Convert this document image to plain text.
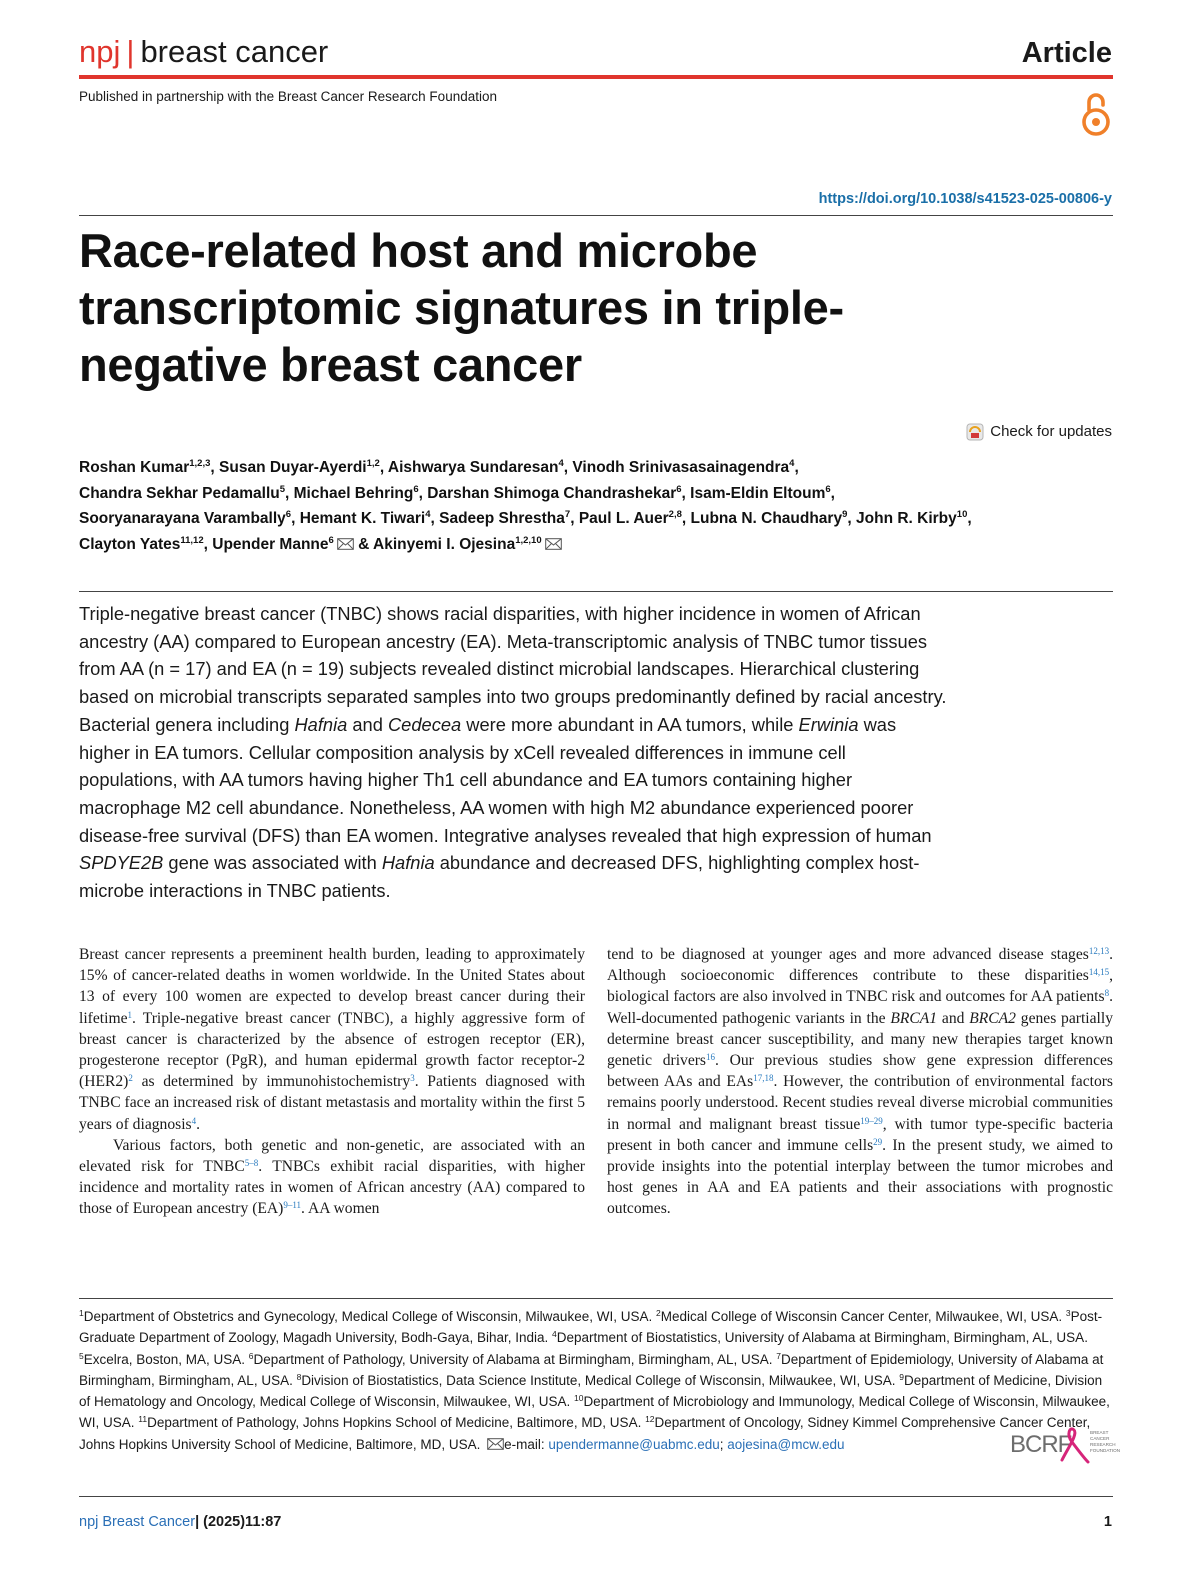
npj | breast cancer	Article
Published in partnership with the Breast Cancer Research Foundation
https://doi.org/10.1038/s41523-025-00806-y
Race-related host and microbe transcriptomic signatures in triple-negative breast cancer
Check for updates
Roshan Kumar$^{1,2,3}$, Susan Duyar-Ayerdi$^{1,2}$, Aishwarya Sundaresan$^4$, Vinodh Srinivasasainagendra$^4$, Chandra Sekhar Pedamallu$^5$, Michael Behring$^6$, Darshan Shimoga Chandrashekar$^6$, Isam-Eldin Eltoum$^6$, Sooryanarayana Varambally$^6$, Hemant K. Tiwari$^4$, Sadeep Shrestha$^7$, Paul L. Auer$^{2,8}$, Lubna N. Chaudhary$^9$, John R. Kirby$^{10}$, Clayton Yates$^{11,12}$, Upender Manne$^6$ & Akinyemi I. Ojesina$^{1,2,10}$
Triple-negative breast cancer (TNBC) shows racial disparities, with higher incidence in women of African ancestry (AA) compared to European ancestry (EA). Meta-transcriptomic analysis of TNBC tumor tissues from AA (n = 17) and EA (n = 19) subjects revealed distinct microbial landscapes. Hierarchical clustering based on microbial transcripts separated samples into two groups predominantly defined by racial ancestry. Bacterial genera including Hafnia and Cedecea were more abundant in AA tumors, while Erwinia was higher in EA tumors. Cellular composition analysis by xCell revealed differences in immune cell populations, with AA tumors having higher Th1 cell abundance and EA tumors containing higher macrophage M2 cell abundance. Nonetheless, AA women with high M2 abundance experienced poorer disease-free survival (DFS) than EA women. Integrative analyses revealed that high expression of human SPDYE2B gene was associated with Hafnia abundance and decreased DFS, highlighting complex host-microbe interactions in TNBC patients.

Breast cancer represents a preeminent health burden, leading to approximately 15% of cancer-related deaths in women worldwide. In the United States about 13 of every 100 women are expected to develop breast cancer during their lifetime$^1$. Triple-negative breast cancer (TNBC), a highly aggressive form of breast cancer is characterized by the absence of estrogen receptor (ER), progesterone receptor (PgR), and human epidermal growth factor receptor-2 $(HER2)^2$ as determined by immunohistochemistry$^3$. Patients diagnosed with TNBC face an increased risk of distant metastasis and mortality within the first 5 years of diagnosis$^4$.

Various factors, both genetic and non-genetic, are associated with an elevated risk for TNBC$^{5-8}$. TNBCs exhibit racial disparities, with higher incidence and mortality rates in women of African ancestry (AA) compared to those of European ancestry (EA)$^{9-11}$. AA women

tend to be diagnosed at younger ages and more advanced disease stages$^{12,13}$. Although socioeconomic differences contribute to these disparities$^{14,15}$, biological factors are also involved in TNBC risk and outcomes for AA patients$^8$. Well-documented pathogenic variants in the BRCA1 and BRCA2 genes partially determine breast cancer susceptibility, and many new therapies target known genetic drivers$^{16}$. Our previous studies show gene expression differences between AAs and EAs$^{17,18}$. However, the contribution of environmental factors remains poorly understood. Recent studies reveal diverse microbial communities in normal and malignant breast tissue$^{19-29}$, with tumor type-specific bacteria present in both cancer and immune cells$^{29}$. In the present study, we aimed to provide insights into the potential interplay between the tumor microbes and host genes in AA and EA patients and their associations with prognostic outcomes.

$^1$Department of Obstetrics and Gynecology, Medical College of Wisconsin, Milwaukee, WI, USA. $^2$Medical College of Wisconsin Cancer Center, Milwaukee, WI, USA. $^3$Post-Graduate Department of Zoology, Magadh University, Bodh-Gaya, Bihar, India. $^4$Department of Biostatistics, University of Alabama at Birmingham, Birmingham, AL, USA. $^5$Excelra, Boston, MA, USA. $^6$Department of Pathology, University of Alabama at Birmingham, Birmingham, AL, USA. $^7$Department of Epidemiology, University of Alabama at Birmingham, Birmingham, AL, USA. $^8$Division of Biostatistics, Data Science Institute, Medical College of Wisconsin, Milwaukee, WI, USA. $^9$Department of Medicine, Division of Hematology and Oncology, Medical College of Wisconsin, Milwaukee, WI, USA. $^{10}$Department of Microbiology and Immunology, Medical College of Wisconsin, Milwaukee, WI, USA. $^{11}$Department of Pathology, Johns Hopkins School of Medicine, Baltimore, MD, USA. $^{12}$Department of Oncology, Sidney Kimmel Comprehensive Cancer Center, Johns Hopkins University School of Medicine, Baltimore, MD, USA. e-mail: upendermanne@uabmc.edu; aojesina@mcw.edu	BCRF	BREAST CANCER RESEARCH FOUNDATION
npj Breast Cancer| (2025)11:87	1
